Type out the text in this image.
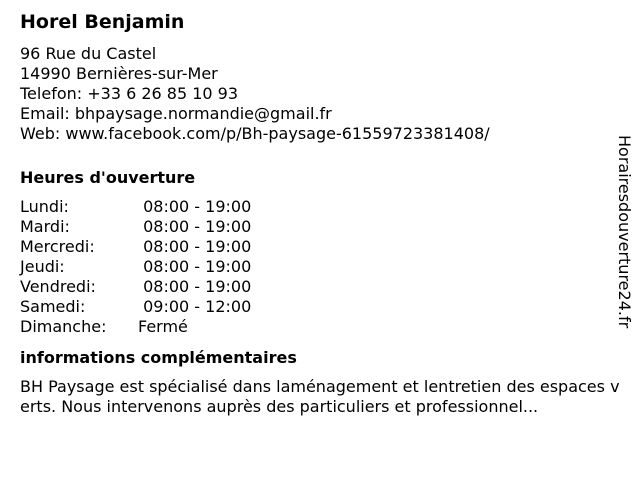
Horel Benjamin
96 Rue du Castel
14990 Bernières-sur-Mer
Telefon: +33 6 26 85 10 93
Email: bhpaysage.normandie@gmail.fr
Web: www.facebook.com/p/Bh-paysage-61559723381408/
Heures d'ouverture
Lundi:	08:00 - 19:00
Mardi:	08:00 - 19:00
Mercredi:	08:00 - 19:00
Jeudi:	08:00 - 19:00
Vendredi:	08:00 - 19:00
Samedi:	09:00 - 12:00
Dimanche:	Fermé
informations complémentaires
BH Paysage est spécialisé dans laménagement et lentretien des espaces verts. Nous intervenons auprès des particuliers et professionnel...
Horairesdouverture24.fr
